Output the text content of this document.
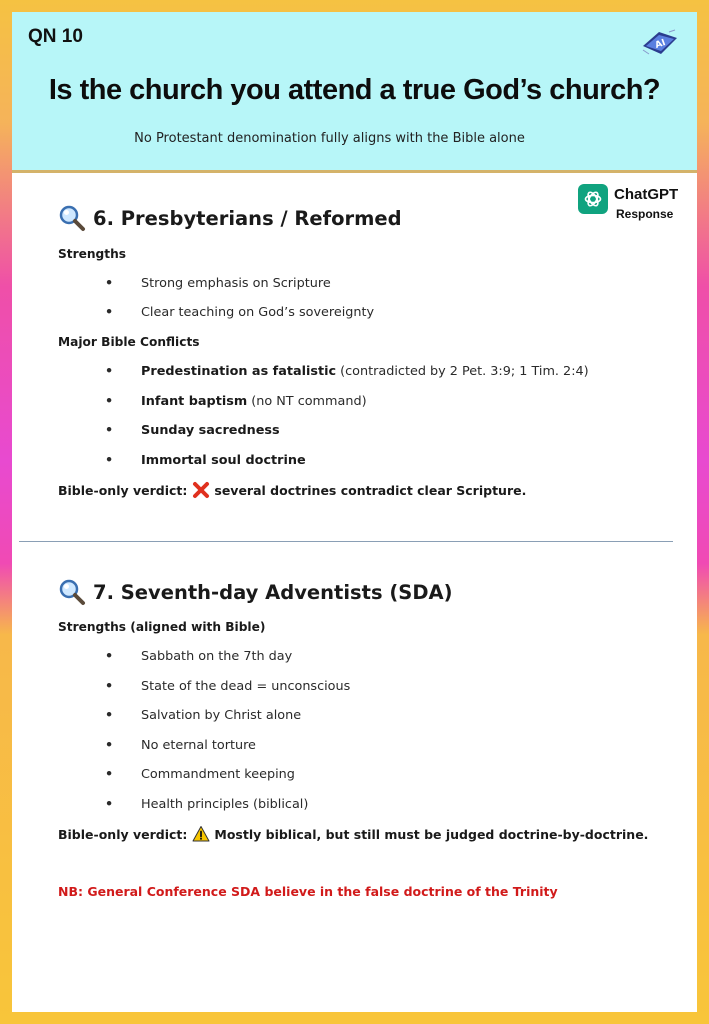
QN 10	AI
Is the church you attend a true God’s church?
No Protestant denomination fully aligns with the Bible alone
ChatGPT
Response
6. Presbyterians / Reformed
Strengths
• Strong emphasis on Scripture
• Clear teaching on God’s sovereignty
Major Bible Conflicts
• Predestination as fatalistic (contradicted by 2 Pet. 3:9; 1 Tim. 2:4)
• Infant baptism (no NT command)
• Sunday sacredness
• Immortal soul doctrine
Bible-only verdict: several doctrines contradict clear Scripture.
7. Seventh-day Adventists (SDA)
Strengths (aligned with Bible)
• Sabbath on the 7th day
• State of the dead = unconscious
• Salvation by Christ alone
• No eternal torture
• Commandment keeping
• Health principles (biblical)
Bible-only verdict: Mostly biblical, but still must be judged doctrine-by-doctrine.
NB: General Conference SDA believe in the false doctrine of the Trinity
